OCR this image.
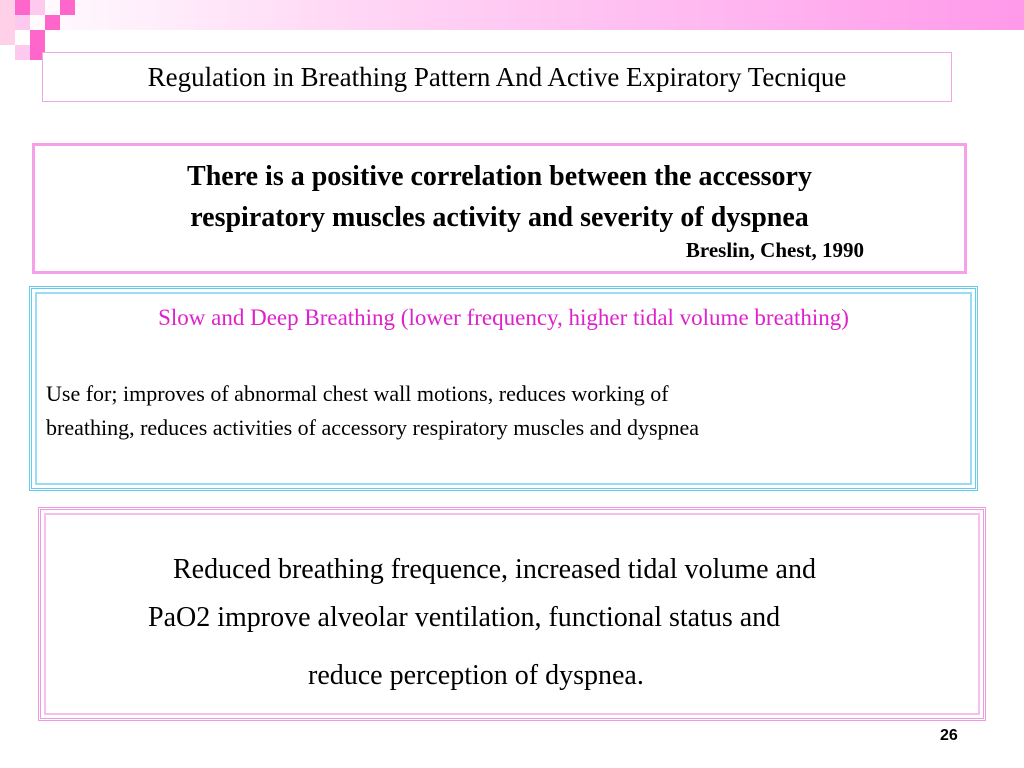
Regulation in Breathing Pattern And Active Expiratory Tecnique
There is a positive correlation between the accessory
respiratory muscles activity and severity of dyspnea
Breslin, Chest, 1990
Slow and Deep Breathing (lower frequency, higher tidal volume breathing)
Use for; improves of abnormal chest wall motions, reduces working of
breathing, reduces activities of accessory respiratory muscles and dyspnea
Reduced breathing frequence, increased tidal volume and
PaO2 improve alveolar ventilation, functional status and
reduce perception of dyspnea.
26
